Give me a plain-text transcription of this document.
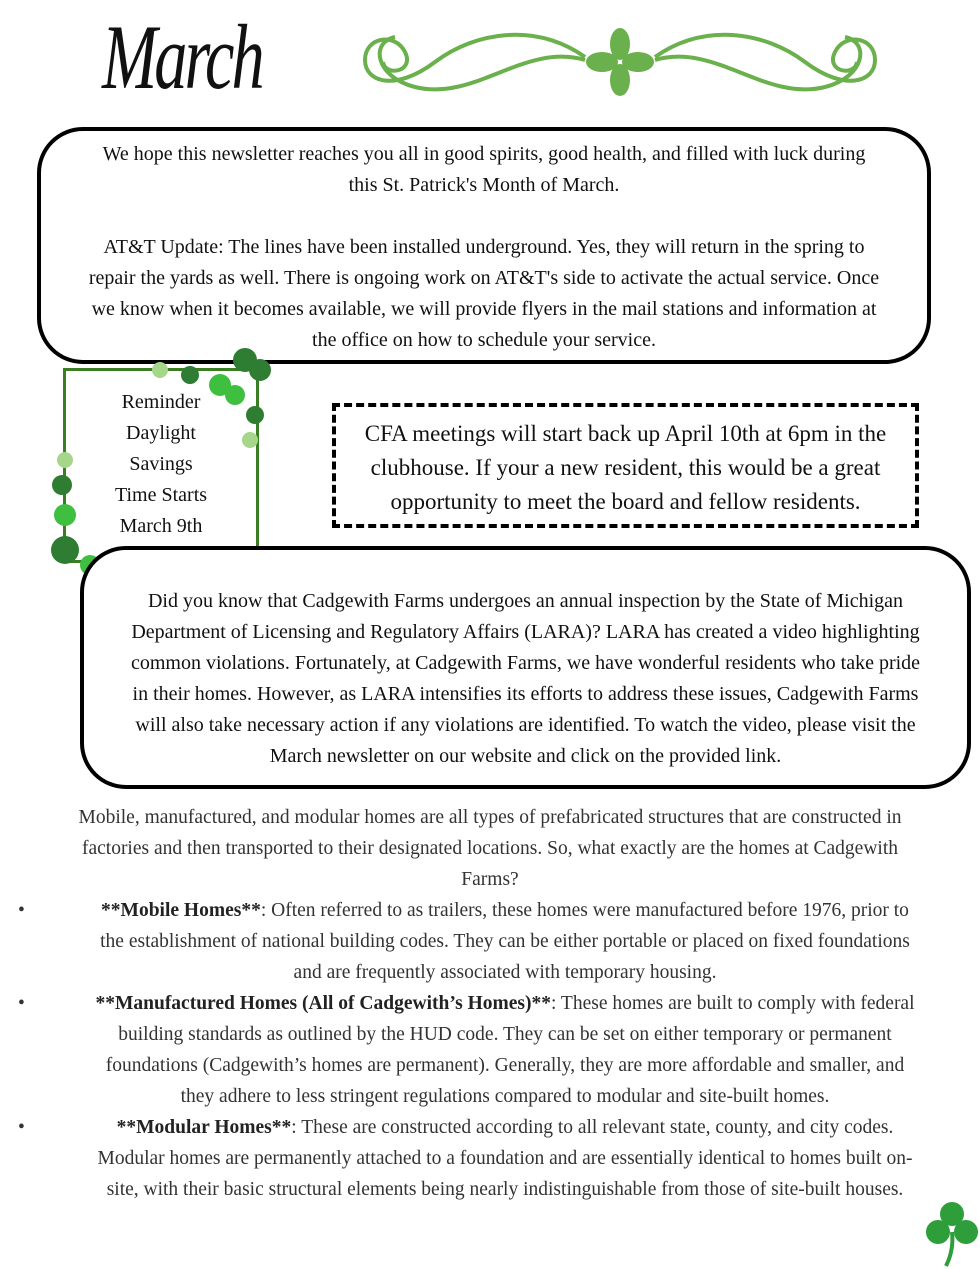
March
We hope this newsletter reaches you all in good spirits, good health, and filled with luck during
this St. Patrick's Month of March.
AT&T Update: The lines have been installed underground. Yes, they will return in the spring to
repair the yards as well. There is ongoing work on AT&T's side to activate the actual service. Once
we know when it becomes available, we will provide flyers in the mail stations and information at
the office on how to schedule your service.
Reminder
Daylight
Savings
Time Starts
March 9th
CFA meetings will start back up April 10th at 6pm in the
clubhouse. If your a new resident, this would be a great
opportunity to meet the board and fellow residents.
Did you know that Cadgewith Farms undergoes an annual inspection by the State of Michigan
Department of Licensing and Regulatory Affairs (LARA)? LARA has created a video highlighting
common violations. Fortunately, at Cadgewith Farms, we have wonderful residents who take pride
in their homes. However, as LARA intensifies its efforts to address these issues, Cadgewith Farms
will also take necessary action if any violations are identified. To watch the video, please visit the
March newsletter on our website and click on the provided link.
Mobile, manufactured, and modular homes are all types of prefabricated structures that are constructed in
factories and then transported to their designated locations. So, what exactly are the homes at Cadgewith
Farms?
•	**Mobile Homes**: Often referred to as trailers, these homes were manufactured before 1976, prior to
the establishment of national building codes. They can be either portable or placed on fixed foundations
and are frequently associated with temporary housing.
•	**Manufactured Homes (All of Cadgewith’s Homes)**: These homes are built to comply with federal
building standards as outlined by the HUD code. They can be set on either temporary or permanent
foundations (Cadgewith’s homes are permanent). Generally, they are more affordable and smaller, and
they adhere to less stringent regulations compared to modular and site-built homes.
•	**Modular Homes**: These are constructed according to all relevant state, county, and city codes.
Modular homes are permanently attached to a foundation and are essentially identical to homes built on-
site, with their basic structural elements being nearly indistinguishable from those of site-built houses.
